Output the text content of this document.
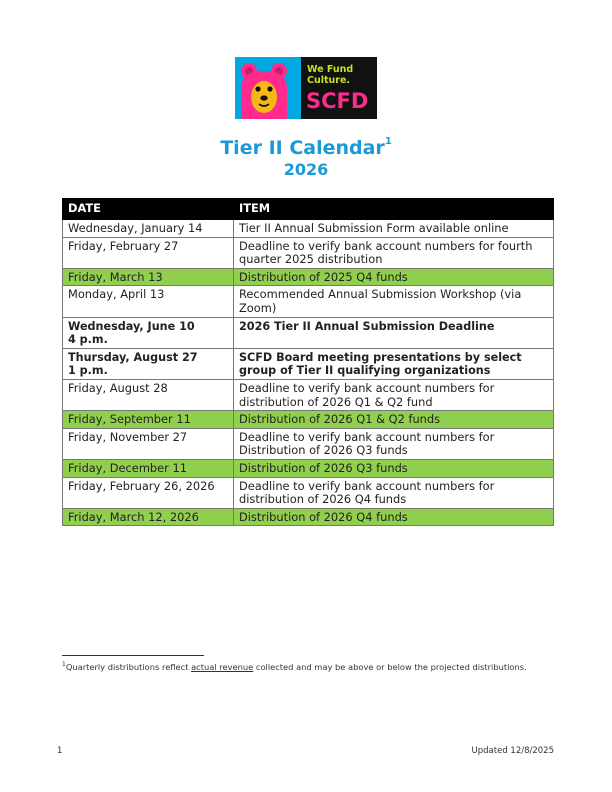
We Fund
Culture.
SCFD
Tier II Calendar$^1$
2026
DATE	ITEM

Wednesday, January 14	Tier II Annual Submission Form available online

Friday, February 27	Deadline to verify bank account numbers for fourth quarter 2025 distribution

Friday, March 13	Distribution of 2025 Q4 funds

Monday, April 13	Recommended Annual Submission Workshop (via Zoom)

Wednesday, June 10
4 p.m.	2026 Tier II Annual Submission Deadline

Thursday, August 27
1 p.m.	SCFD Board meeting presentations by select group of Tier II qualifying organizations

Friday, August 28	Deadline to verify bank account numbers for distribution of 2026 Q1 & Q2 fund

Friday, September 11	Distribution of 2026 Q1 & Q2 funds

Friday, November 27	Deadline to verify bank account numbers for Distribution of 2026 Q3 funds

Friday, December 11	Distribution of 2026 Q3 funds

Friday, February 26, 2026	Deadline to verify bank account numbers for distribution of 2026 Q4 funds

Friday, March 12, 2026	Distribution of 2026 Q4 funds
$^1$Quarterly distributions reflect actual revenue collected and may be above or below the projected distributions.
1	Updated 12/8/2025
